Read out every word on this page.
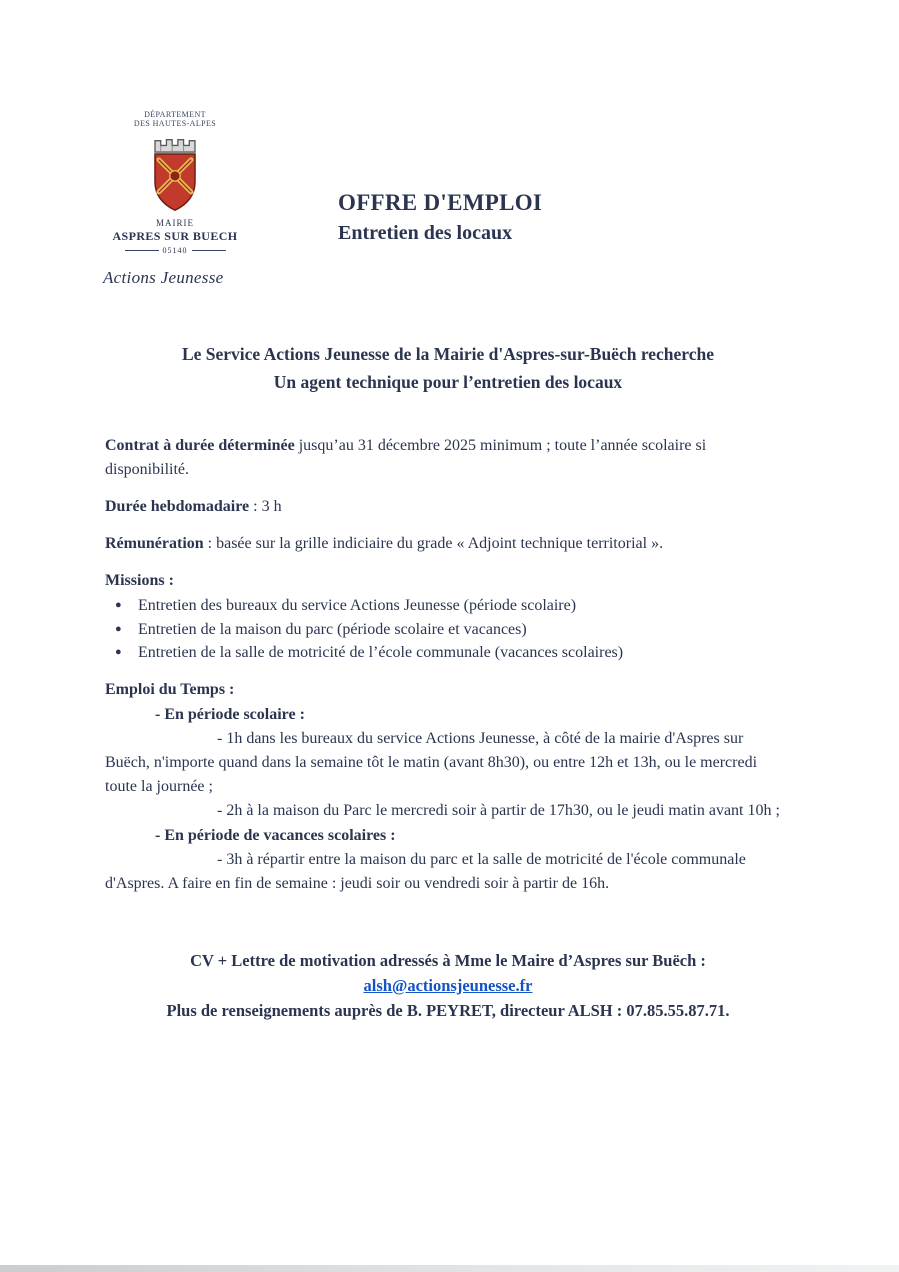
DÉPARTEMENT
DES HAUTES-ALPES
MAIRIE
ASPRES SUR BUECH
05140
Actions Jeunesse
OFFRE D'EMPLOI
Entretien des locaux
Le Service Actions Jeunesse de la Mairie d'Aspres-sur-Buëch recherche
Un agent technique pour l’entretien des locaux

Contrat à durée déterminée jusqu’au 31 décembre 2025 minimum ; toute l’année scolaire si disponibilité.

Durée hebdomadaire : 3 h

Rémunération : basée sur la grille indiciaire du grade « Adjoint technique territorial ».

Missions :

● Entretien des bureaux du service Actions Jeunesse (période scolaire)
● Entretien de la maison du parc (période scolaire et vacances)
● Entretien de la salle de motricité de l’école communale (vacances scolaires)

Emploi du Temps :

- En période scolaire :

- 1h dans les bureaux du service Actions Jeunesse, à côté de la mairie d'Aspres sur Buëch, n'importe quand dans la semaine tôt le matin (avant 8h30), ou entre 12h et 13h, ou le mercredi toute la journée ;

- 2h à la maison du Parc le mercredi soir à partir de 17h30, ou le jeudi matin avant 10h ;

- En période de vacances scolaires :

- 3h à répartir entre la maison du parc et la salle de motricité de l'école communale d'Aspres. A faire en fin de semaine : jeudi soir ou vendredi soir à partir de 16h.

CV + Lettre de motivation adressés à Mme le Maire d’Aspres sur Buëch :
alsh@actionsjeunesse.fr
Plus de renseignements auprès de B. PEYRET, directeur ALSH : 07.85.55.87.71.
